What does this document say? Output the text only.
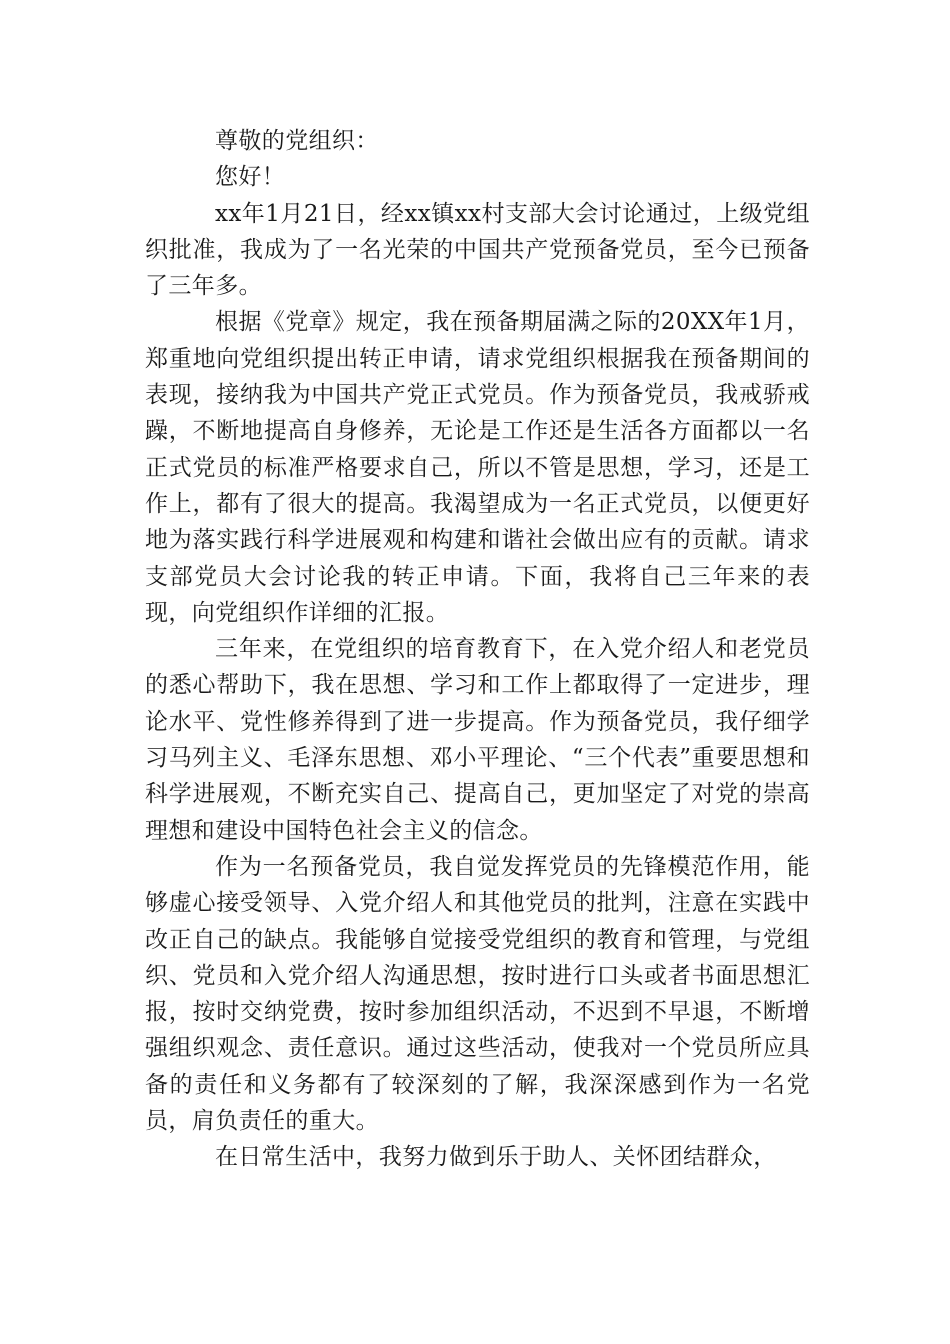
尊敬的党组织：

您好！

xx年1月21日，经xx镇xx村支部大会讨论通过，上级党组织批准，我成为了一名光荣的中国共产党预备党员，至今已预备了三年多。

根据《党章》规定，我在预备期届满之际的20XX年1月，郑重地向党组织提出转正申请，请求党组织根据我在预备期间的表现，接纳我为中国共产党正式党员。作为预备党员，我戒骄戒躁，不断地提高自身修养，无论是工作还是生活各方面都以一名正式党员的标准严格要求自己，所以不管是思想，学习，还是工作上，都有了很大的提高。我渴望成为一名正式党员，以便更好地为落实践行科学进展观和构建和谐社会做出应有的贡献。请求支部党员大会讨论我的转正申请。下面，我将自己三年来的表现，向党组织作详细的汇报。

三年来，在党组织的培育教育下，在入党介绍人和老党员的悉心帮助下，我在思想、学习和工作上都取得了一定进步，理论水平、党性修养得到了进一步提高。作为预备党员，我仔细学习马列主义、毛泽东思想、邓小平理论、“三个代表”重要思想和科学进展观，不断充实自己、提高自己，更加坚定了对党的崇高理想和建设中国特色社会主义的信念。

作为一名预备党员，我自觉发挥党员的先锋模范作用，能够虚心接受领导、入党介绍人和其他党员的批判，注意在实践中改正自己的缺点。我能够自觉接受党组织的教育和管理，与党组织、党员和入党介绍人沟通思想，按时进行口头或者书面思想汇报，按时交纳党费，按时参加组织活动，不迟到不早退，不断增强组织观念、责任意识。通过这些活动，使我对一个党员所应具备的责任和义务都有了较深刻的了解，我深深感到作为一名党员，肩负责任的重大。

在日常生活中，我努力做到乐于助人、关怀团结群众，
